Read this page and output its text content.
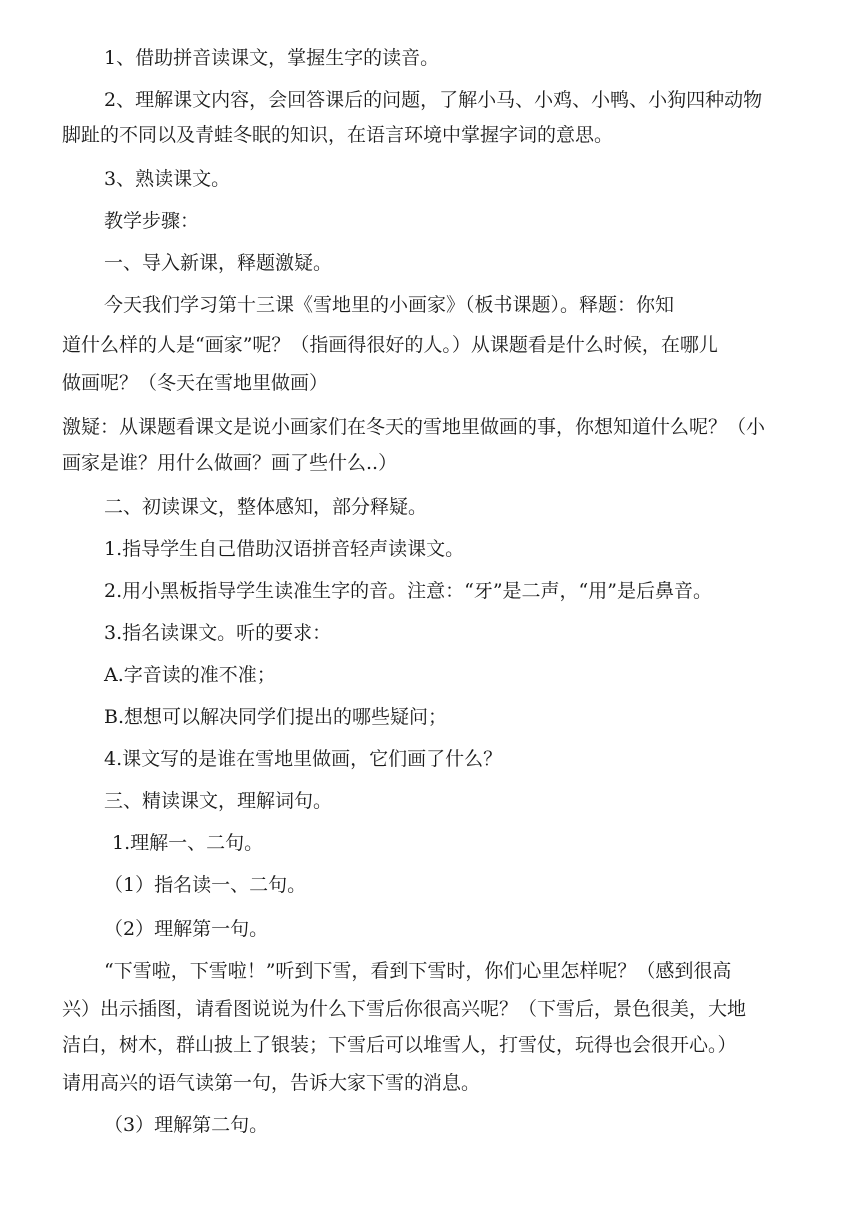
1、借助拼音读课文，掌握生字的读音。
2、理解课文内容，会回答课后的问题，了解小马、小鸡、小鸭、小狗四种动物
脚趾的不同以及青蛙冬眠的知识，在语言环境中掌握字词的意思。
3、熟读课文。
教学步骤：
一、导入新课，释题激疑。
今天我们学习第十三课《雪地里的小画家》（板书课题）。释题：你知
道什么样的人是“画家”呢？（指画得很好的人。）从课题看是什么时候，在哪儿
做画呢？（冬天在雪地里做画）
激疑：从课题看课文是说小画家们在冬天的雪地里做画的事，你想知道什么呢？（小
画家是谁？用什么做画？画了些什么..）
二、初读课文，整体感知，部分释疑。
1.指导学生自己借助汉语拼音轻声读课文。
2.用小黑板指导学生读准生字的音。注意：“牙”是二声，“用”是后鼻音。
3.指名读课文。听的要求：
A.字音读的准不准；
B.想想可以解决同学们提出的哪些疑问；
4.课文写的是谁在雪地里做画，它们画了什么？
三、精读课文，理解词句。
1.理解一、二句。
（1）指名读一、二句。
（2）理解第一句。
“下雪啦，下雪啦！”听到下雪，看到下雪时，你们心里怎样呢？（感到很高
兴）出示插图，请看图说说为什么下雪后你很高兴呢？（下雪后，景色很美，大地
洁白，树木，群山披上了银装；下雪后可以堆雪人，打雪仗，玩得也会很开心。）
请用高兴的语气读第一句，告诉大家下雪的消息。
（3）理解第二句。
